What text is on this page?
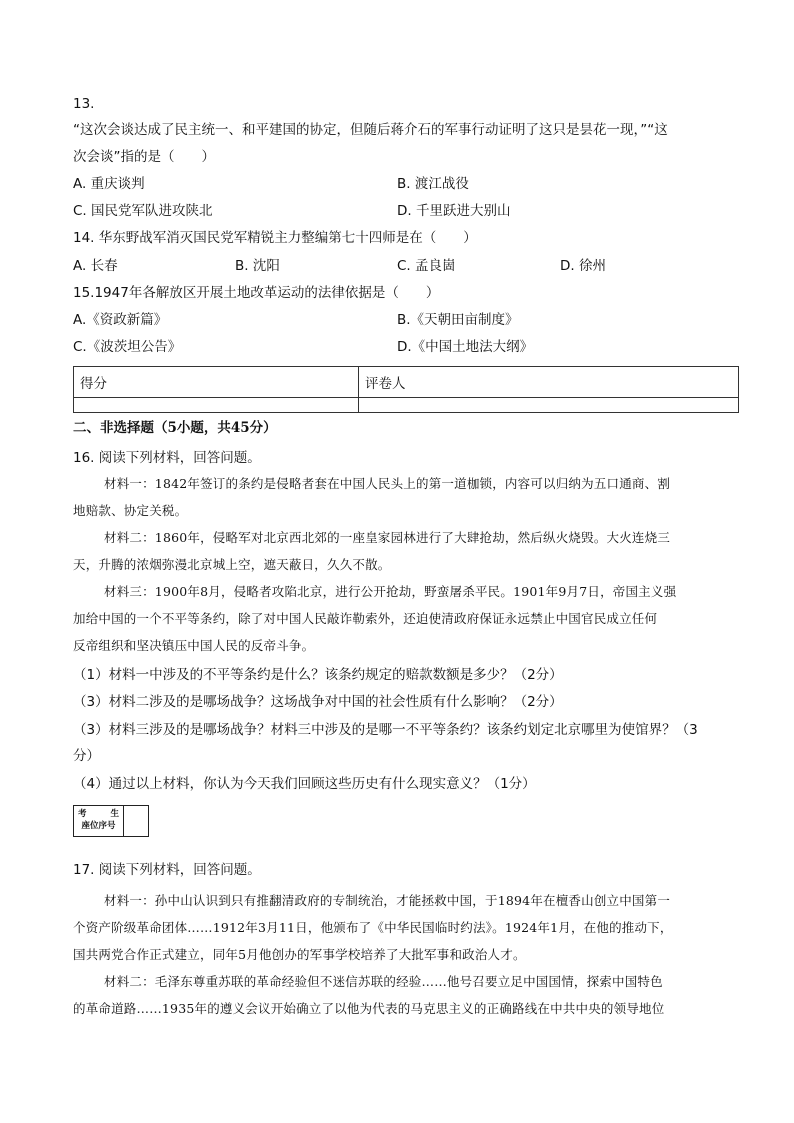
13.
“这次会谈达成了民主统一、和平建国的协定，但随后蒋介石的军事行动证明了这只是昙花一现，”“这
次会谈”指的是（　　）
A. 重庆谈判	B. 渡江战役
C. 国民党军队进攻陕北	D. 千里跃进大别山
14. 华东野战军消灭国民党军精锐主力整编第七十四师是在（　　）
A. 长春	B. 沈阳	C. 孟良崮	D. 徐州
15.1947年各解放区开展土地改革运动的法律依据是（　　）
A.《资政新篇》	B.《天朝田亩制度》
C.《波茨坦公告》	D.《中国土地法大纲》
得分	评卷人

二、非选择题（5小题，共45分）
16. 阅读下列材料，回答问题。
材料一：1842年签订的条约是侵略者套在中国人民头上的第一道枷锁，内容可以归纳为五口通商、割
地赔款、协定关税。
材料二：1860年，侵略军对北京西北郊的一座皇家园林进行了大肆抢劫，然后纵火烧毁。大火连烧三
天，升腾的浓烟弥漫北京城上空，遮天蔽日，久久不散。
材料三：1900年8月，侵略者攻陷北京，进行公开抢劫，野蛮屠杀平民。1901年9月7日，帝国主义强
加给中国的一个不平等条约，除了对中国人民敲诈勒索外，还迫使清政府保证永远禁止中国官民成立任何
反帝组织和坚决镇压中国人民的反帝斗争。
（1）材料一中涉及的不平等条约是什么？该条约规定的赔款数额是多少？（2分）
（3）材料二涉及的是哪场战争？这场战争对中国的社会性质有什么影响？（2分）
（3）材料三涉及的是哪场战争？材料三中涉及的是哪一不平等条约？该条约划定北京哪里为使馆界？（3
分）
（4）通过以上材料，你认为今天我们回顾这些历史有什么现实意义？（1分）
考	生
座位序号
17. 阅读下列材料，回答问题。
材料一：孙中山认识到只有推翻清政府的专制统治，才能拯救中国，于1894年在檀香山创立中国第一
个资产阶级革命团体……1912年3月11日，他颁布了《中华民国临时约法》。1924年1月，在他的推动下，
国共两党合作正式建立，同年5月他创办的军事学校培养了大批军事和政治人才。
材料二：毛泽东尊重苏联的革命经验但不迷信苏联的经验……他号召要立足中国国情，探索中国特色
的革命道路……1935年的遵义会议开始确立了以他为代表的马克思主义的正确路线在中共中央的领导地位
